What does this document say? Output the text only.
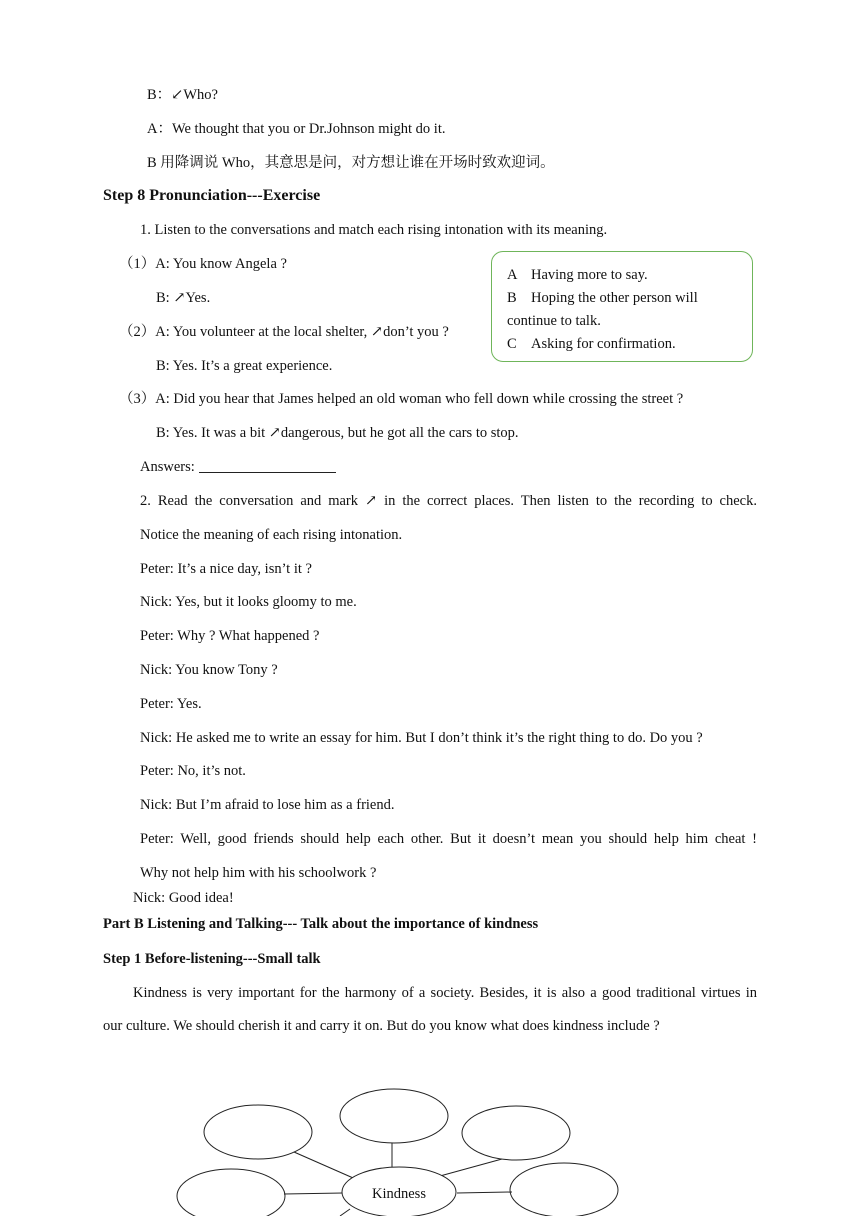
B：↙Who?
A：We thought that you or Dr.Johnson might do it.
B 用降调说 Who，其意思是问，对方想让谁在开场时致欢迎词。
Step 8 Pronunciation---Exercise
1. Listen to the conversations and match each rising intonation with its meaning.
（1）A: You know Angela ?
B: ↗Yes.
（2）A: You volunteer at the local shelter, ↗don’t you ?
B: Yes. It’s a great experience.
（3）A: Did you hear that James helped an old woman who fell down while crossing the street ?
B: Yes. It was a bit ↗dangerous, but he got all the cars to stop.
A Having more to say.
B Hoping the other person will
continue to talk.
C Asking for confirmation.
Answers:
2. Read the conversation and mark ↗ in the correct places. Then listen to the recording to check.
Notice the meaning of each rising intonation.
Peter: It’s a nice day, isn’t it ?
Nick: Yes, but it looks gloomy to me.
Peter: Why ? What happened ?
Nick: You know Tony ?
Peter: Yes.
Nick: He asked me to write an essay for him. But I don’t think it’s the right thing to do. Do you ?
Peter: No, it’s not.
Nick: But I’m afraid to lose him as a friend.
Peter: Well, good friends should help each other. But it doesn’t mean you should help him cheat !
Why not help him with his schoolwork ?
Nick: Good idea!
Part B Listening and Talking--- Talk about the importance of kindness
Step 1 Before-listening---Small talk
Kindness is very important for the harmony of a society. Besides, it is also a good traditional virtues in
our culture. We should cherish it and carry it on. But do you know what does kindness include ?
Kindness
